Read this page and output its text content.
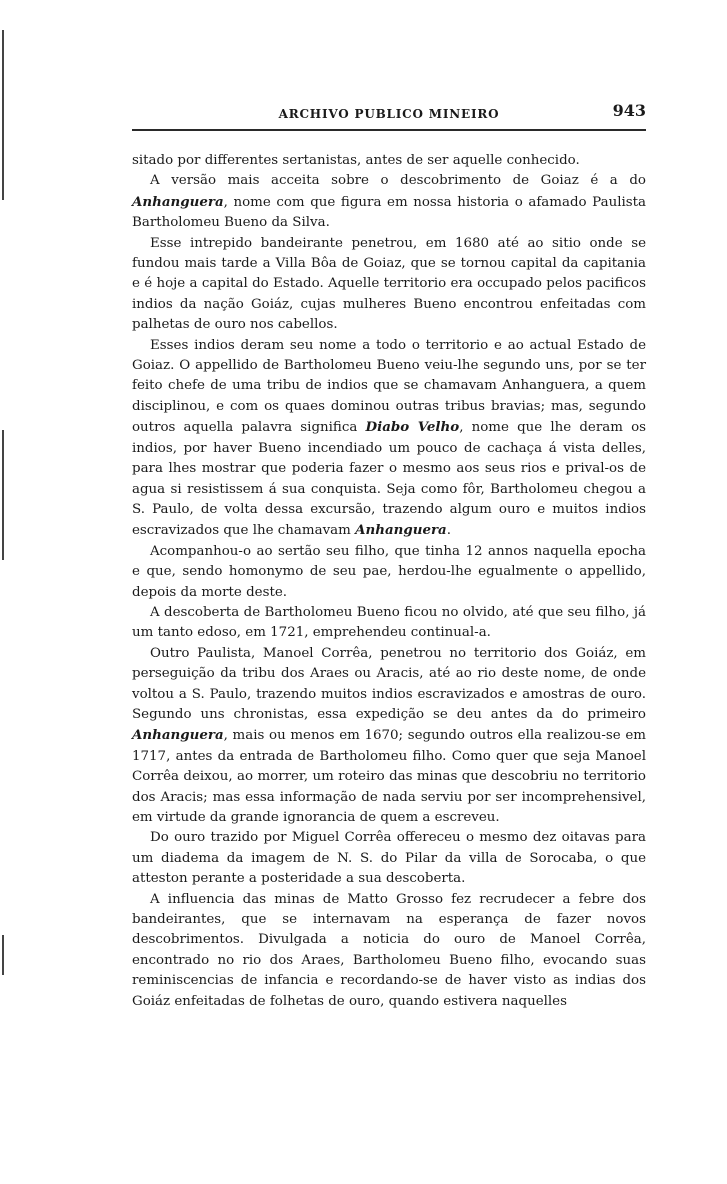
ARCHIVO PUBLICO MINEIRO	943

sitado por differentes sertanistas, antes de ser aquelle conhecido.

A versão mais acceita sobre o descobrimento de Goiaz é a do Anhanguera, nome com que figura em nossa historia o afamado Paulista Bartholomeu Bueno da Silva.

Esse intrepido bandeirante penetrou, em 1680 até ao sitio onde se fundou mais tarde a Villa Bôa de Goiaz, que se tornou capital da capitania e é hoje a capital do Estado. Aquelle territorio era occupado pelos pacificos indios da nação Goiáz, cujas mulheres Bueno encontrou enfeitadas com palhetas de ouro nos cabellos.

Esses indios deram seu nome a todo o territorio e ao actual Estado de Goiaz. O appellido de Bartholomeu Bueno veiu-lhe segundo uns, por se ter feito chefe de uma tribu de indios que se chamavam Anhanguera, a quem disciplinou, e com os quaes dominou outras tribus bravias; mas, segundo outros aquella palavra significa Diabo Velho, nome que lhe deram os indios, por haver Bueno incendiado um pouco de cachaça á vista delles, para lhes mostrar que poderia fazer o mesmo aos seus rios e prival-os de agua si resistissem á sua conquista. Seja como fôr, Bartholomeu chegou a S. Paulo, de volta dessa excursão, trazendo algum ouro e muitos indios escravizados que lhe chamavam Anhanguera.

Acompanhou-o ao sertão seu filho, que tinha 12 annos naquella epocha e que, sendo homonymo de seu pae, herdou-lhe egualmente o appellido, depois da morte deste.

A descoberta de Bartholomeu Bueno ficou no olvido, até que seu filho, já um tanto edoso, em 1721, emprehendeu continual-a.

Outro Paulista, Manoel Corrêa, penetrou no territorio dos Goiáz, em perseguição da tribu dos Araes ou Aracis, até ao rio deste nome, de onde voltou a S. Paulo, trazendo muitos indios escravizados e amostras de ouro. Segundo uns chronistas, essa expedição se deu antes da do primeiro Anhanguera, mais ou menos em 1670; segundo outros ella realizou-se em 1717, antes da entrada de Bartholomeu filho. Como quer que seja Manoel Corrêa deixou, ao morrer, um roteiro das minas que descobriu no territorio dos Aracis; mas essa informação de nada serviu por ser incomprehensivel, em virtude da grande ignorancia de quem a escreveu.

Do ouro trazido por Miguel Corrêa offereceu o mesmo dez oitavas para um diadema da imagem de N. S. do Pilar da villa de Sorocaba, o que atteston perante a posteridade a sua descoberta.

A influencia das minas de Matto Grosso fez recrudecer a febre dos bandeirantes, que se internavam na esperança de fazer novos descobrimentos. Divulgada a noticia do ouro de Manoel Corrêa, encontrado no rio dos Araes, Bartholomeu Bueno filho, evocando suas reminiscencias de infancia e recordando-se de haver visto as indias dos Goiáz enfeitadas de folhetas de ouro, quando estivera naquelles
